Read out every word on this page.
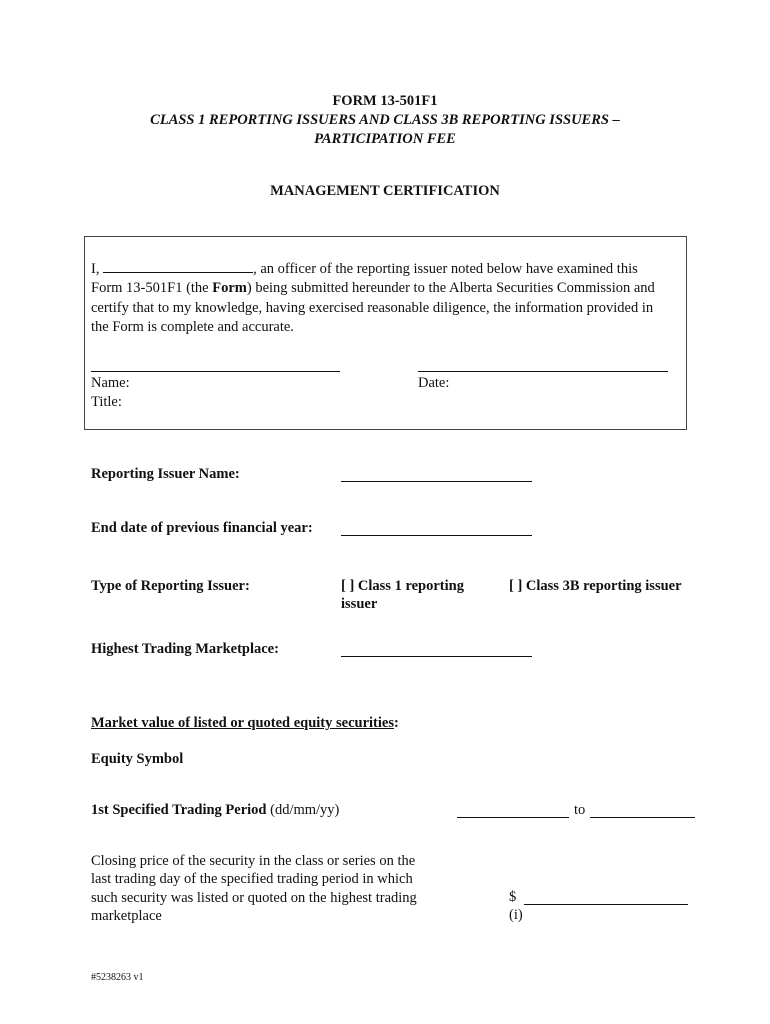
FORM 13-501F1
CLASS 1 REPORTING ISSUERS AND CLASS 3B REPORTING ISSUERS –
PARTICIPATION FEE
MANAGEMENT CERTIFICATION
I,	, an officer of the reporting issuer noted below have examined this
Form 13-501F1 (the Form) being submitted hereunder to the Alberta Securities Commission and
certify that to my knowledge, having exercised reasonable diligence, the information provided in
the Form is complete and accurate.
Name:
Title:
Date:
Reporting Issuer Name:
End date of previous financial year:
Type of Reporting Issuer:	[ ] Class 1 reporting
issuer
[ ] Class 3B reporting issuer
Highest Trading Marketplace:
Market value of listed or quoted equity securities:
Equity Symbol
1st Specified Trading Period (dd/mm/yy)	to
Closing price of the security in the class or series on the
last trading day of the specified trading period in which
such security was listed or quoted on the highest trading
marketplace
$
(i)
#5238263 v1
